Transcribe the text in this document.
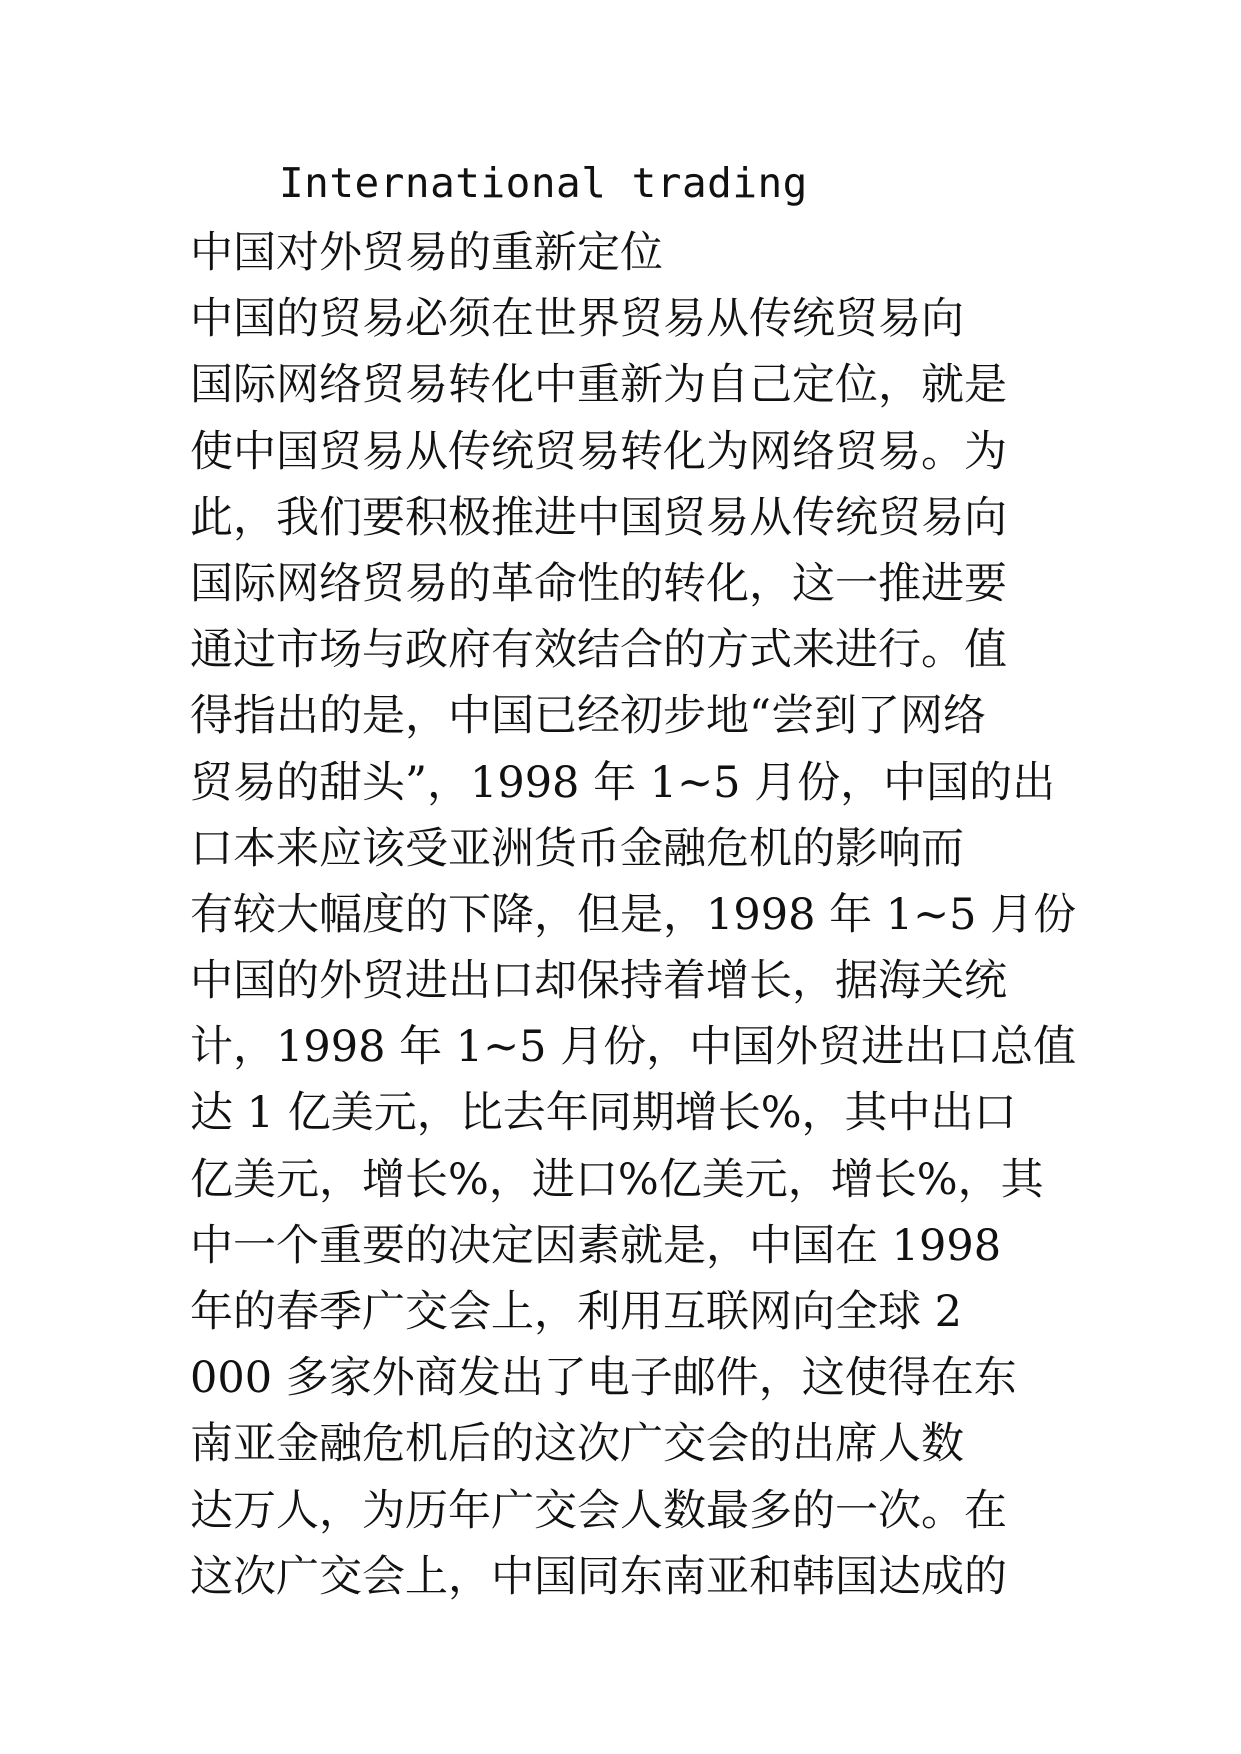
International trading
中国对外贸易的重新定位
中国的贸易必须在世界贸易从传统贸易向
国际网络贸易转化中重新为自己定位，就是
使中国贸易从传统贸易转化为网络贸易。为
此，我们要积极推进中国贸易从传统贸易向
国际网络贸易的革命性的转化，这一推进要
通过市场与政府有效结合的方式来进行。值
得指出的是，中国已经初步地“尝到了网络
贸易的甜头”，1998 年 1~5 月份，中国的出
口本来应该受亚洲货币金融危机的影响而
有较大幅度的下降，但是，1998 年 1~5 月份
中国的外贸进出口却保持着增长，据海关统
计，1998 年 1~5 月份，中国外贸进出口总值
达 1 亿美元，比去年同期增长%，其中出口
亿美元，增长%，进口%亿美元，增长%，其
中一个重要的决定因素就是，中国在 1998
年的春季广交会上，利用互联网向全球 2
000 多家外商发出了电子邮件，这使得在东
南亚金融危机后的这次广交会的出席人数
达万人，为历年广交会人数最多的一次。在
这次广交会上，中国同东南亚和韩国达成的
